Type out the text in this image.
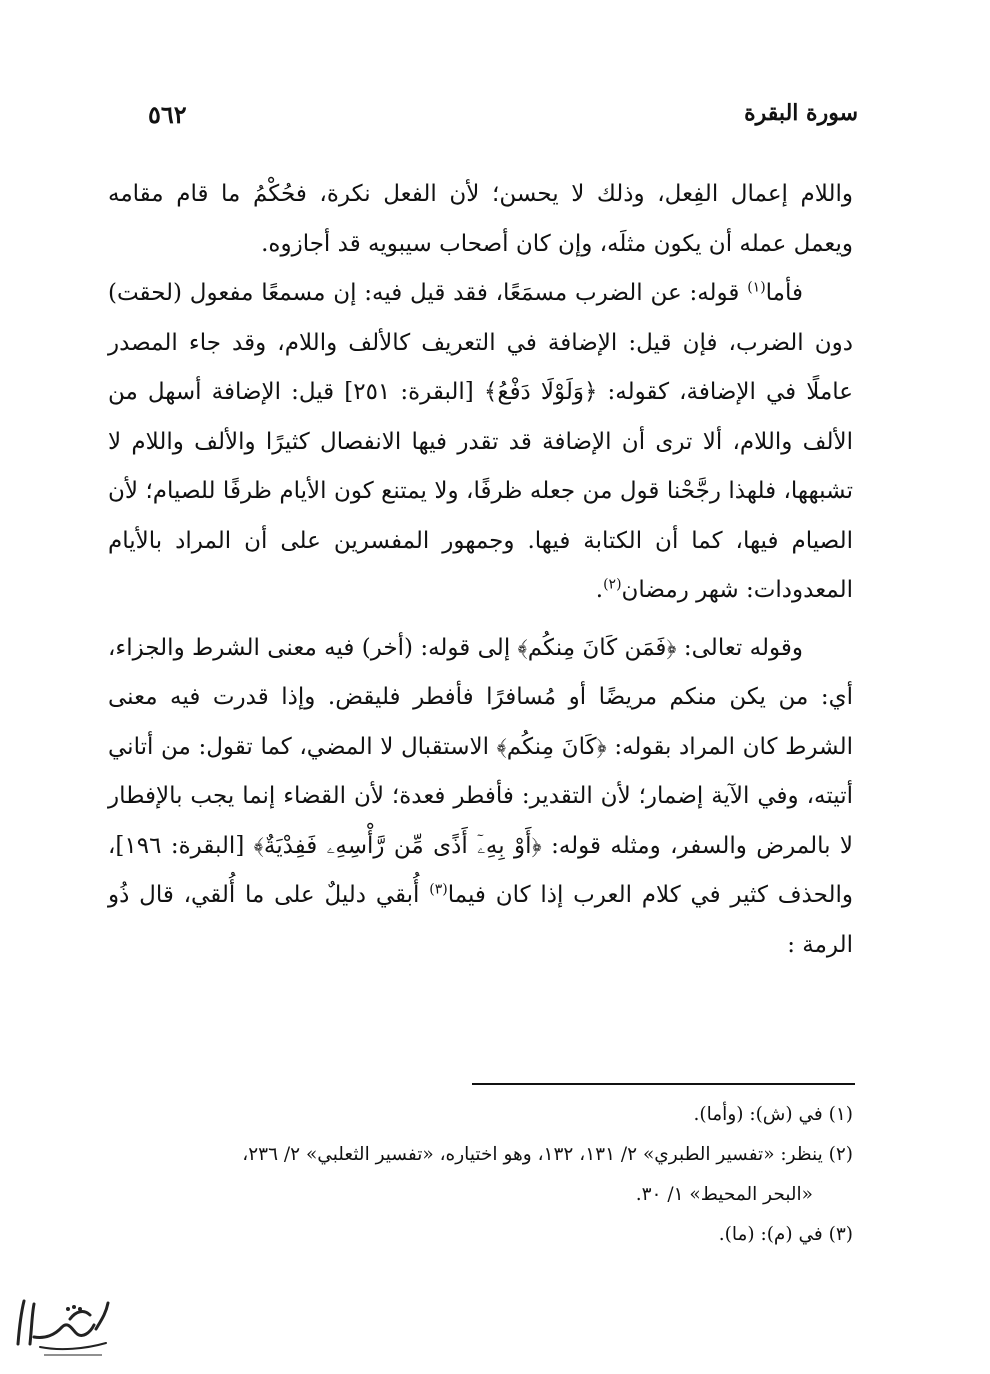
سورة البقرة
٥٦٢

واللام إعمال الفِعل، وذلك لا يحسن؛ لأن الفعل نكرة، فحُكْمُ ما قام مقامه ويعمل عمله أن يكون مثلَه، وإن كان أصحاب سيبويه قد أجازوه.

فأما$^{(١)}$ قوله: عن الضرب مسمَعًا، فقد قيل فيه: إن مسمعًا مفعول (لحقت) دون الضرب، فإن قيل: الإضافة في التعريف كالألف واللام، وقد جاء المصدر عاملًا في الإضافة، كقوله: ﴿وَلَوْلَا دَفْعُ﴾ [البقرة: ٢٥١] قيل: الإضافة أسهل من الألف واللام، ألا ترى أن الإضافة قد تقدر فيها الانفصال كثيرًا والألف واللام لا تشبهها، فلهذا رجَّحْنا قول من جعله ظرفًا، ولا يمتنع كون الأيام ظرفًا للصيام؛ لأن الصيام فيها، كما أن الكتابة فيها. وجمهور المفسرين على أن المراد بالأيام المعدودات: شهر رمضان$^{(٢)}$.

وقوله تعالى: ﴿فَمَن كَانَ مِنكُم﴾ إلى قوله: (أخر) فيه معنى الشرط والجزاء، أي: من يكن منكم مريضًا أو مُسافرًا فأفطر فليقض. وإذا قدرت فيه معنى الشرط كان المراد بقوله: ﴿كَانَ مِنكُم﴾ الاستقبال لا المضي، كما تقول: من أتاني أتيته، وفي الآية إضمار؛ لأن التقدير: فأفطر فعدة؛ لأن القضاء إنما يجب بالإفطار لا بالمرض والسفر، ومثله قوله: ﴿أَوْ بِهِۦٓ أَذًى مِّن رَّأْسِهِۦ فَفِدْيَةٌ﴾ [البقرة: ١٩٦]، والحذف كثير في كلام العرب إذا كان فيما$^{(٣)}$ أُبقي دليلٌ على ما أُلقي، قال ذُو الرمة :

(١) في (ش): (وأما).
(٢) ينظر: «تفسير الطبري» ٢/ ١٣١، ١٣٢، وهو اختياره، «تفسير الثعلبي» ٢/ ٢٣٦،
«البحر المحيط» ١/ ٣٠.
(٣) في (م): (ما).
